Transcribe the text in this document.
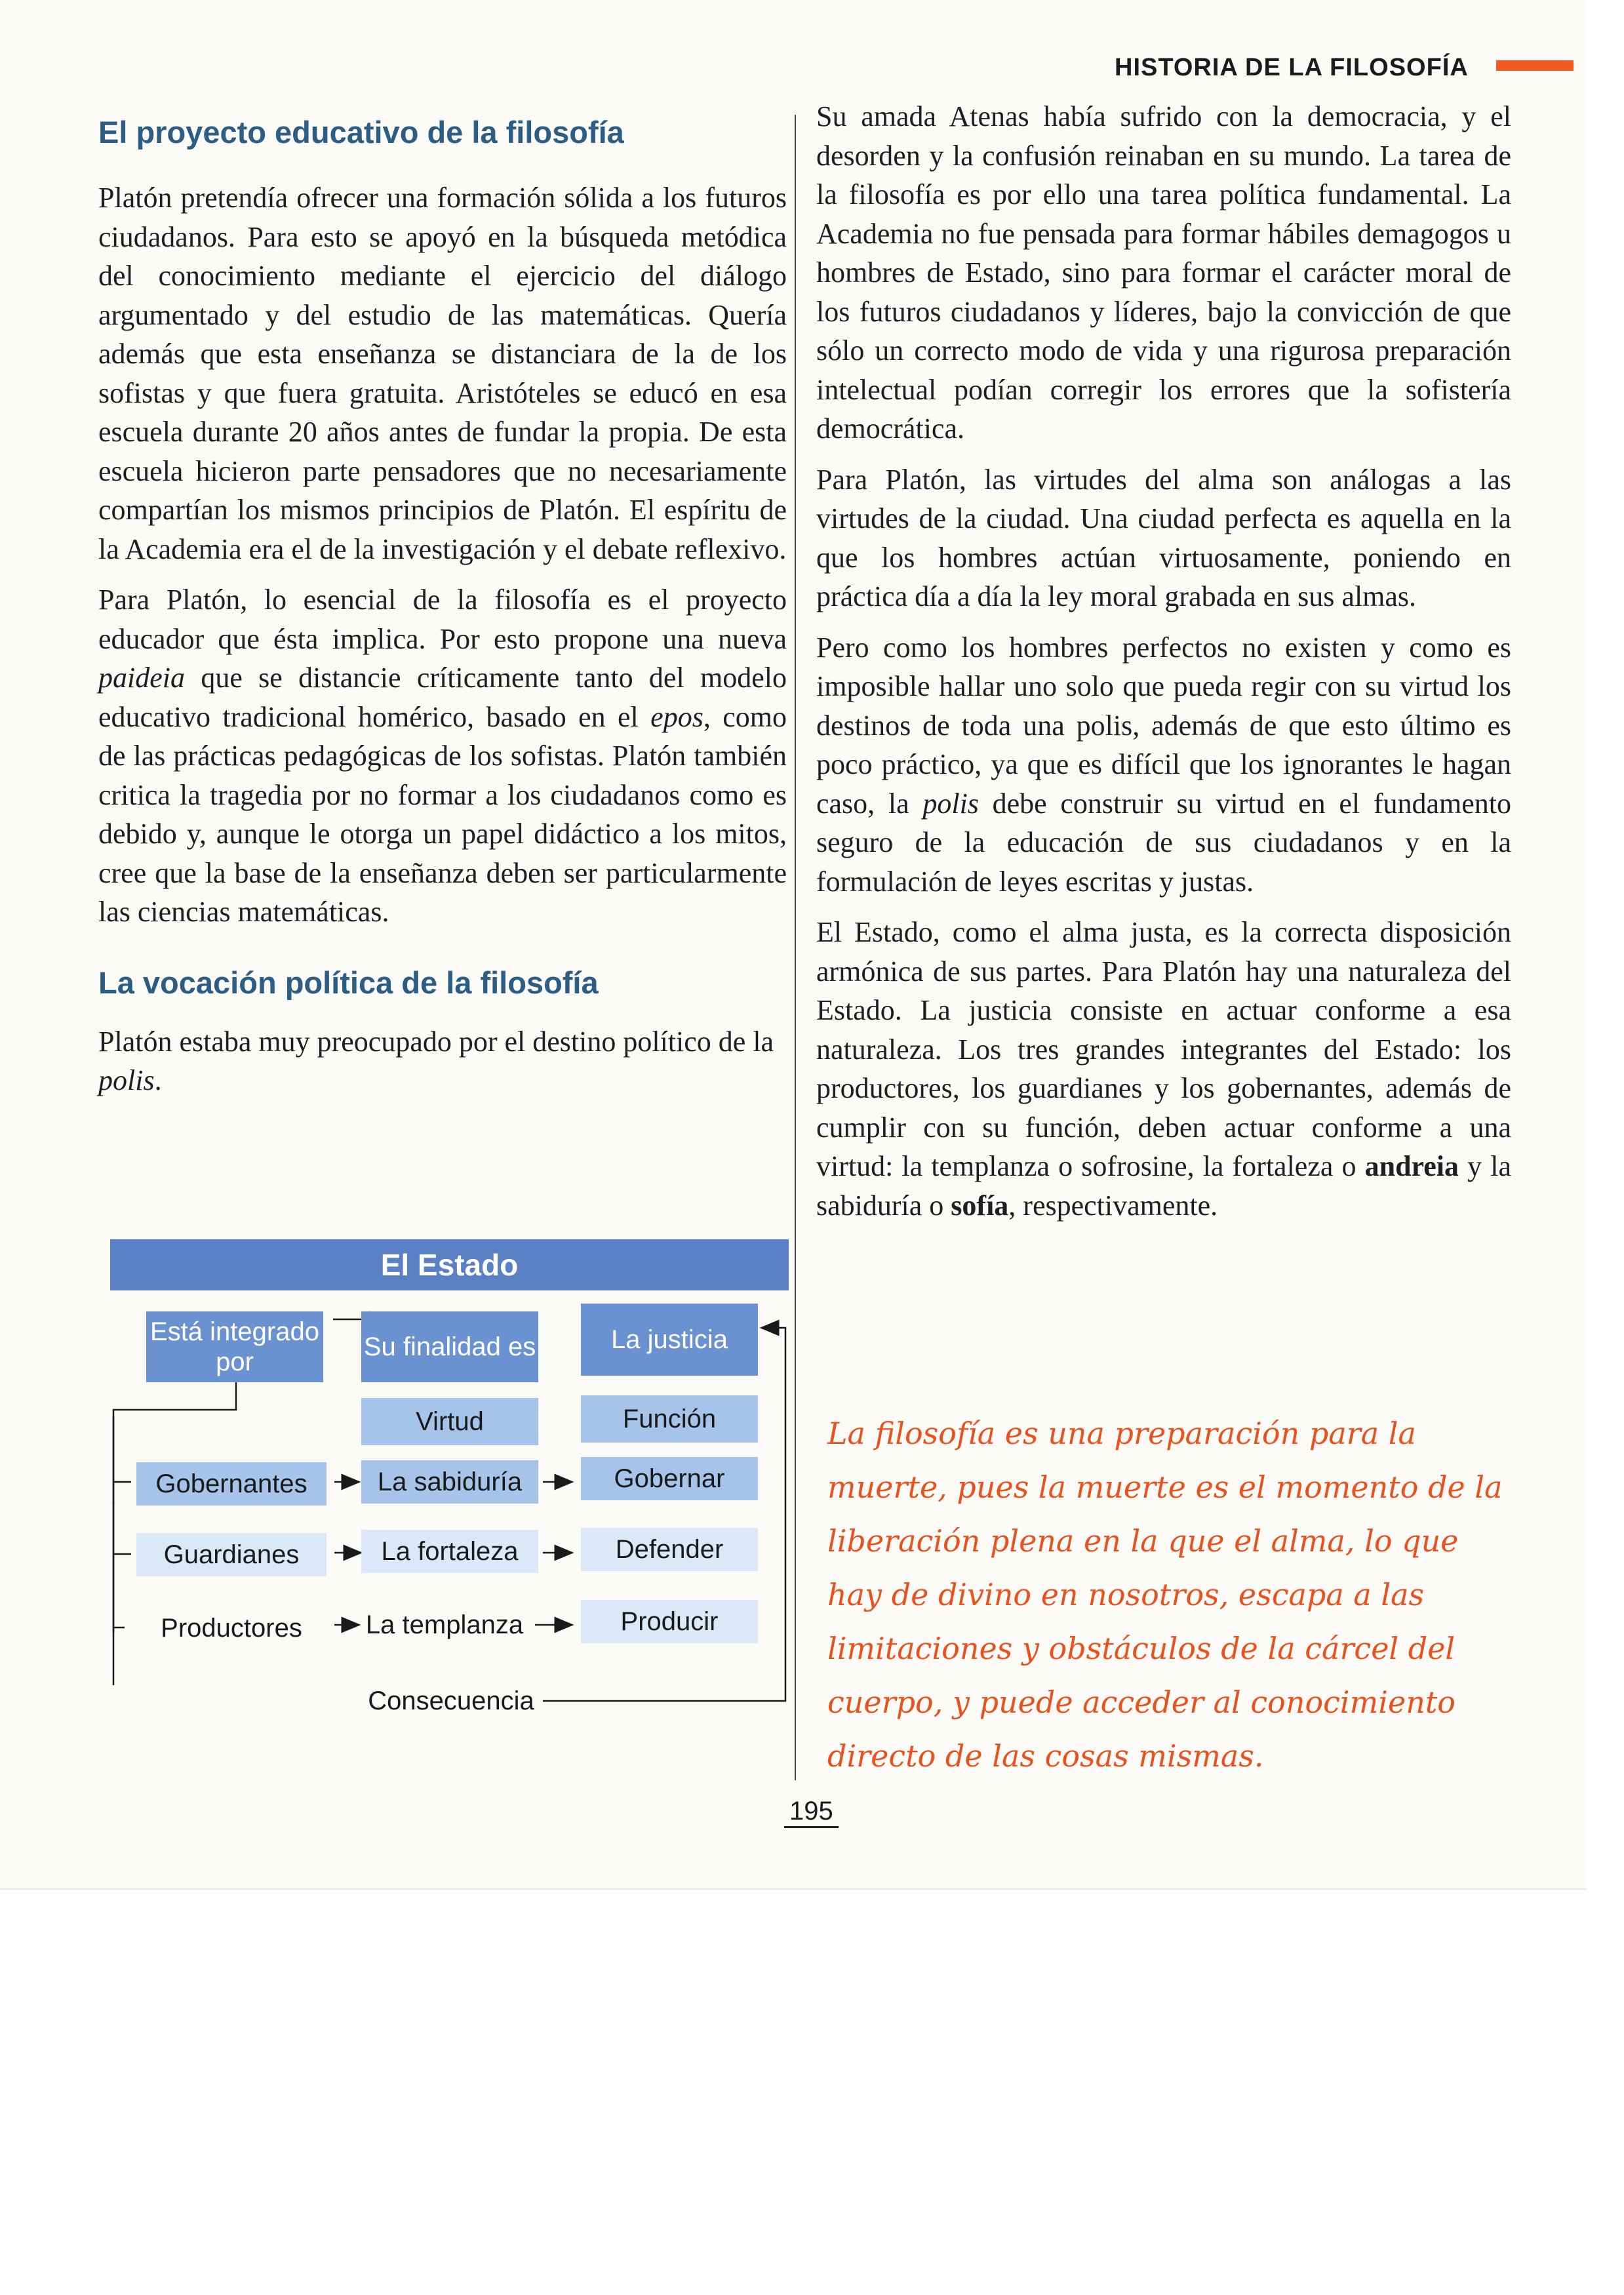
HISTORIA DE LA FILOSOFÍA
El proyecto educativo de la filosofía

Platón pretendía ofrecer una formación sólida a los futuros ciudadanos. Para esto se apoyó en la búsqueda metódica del conocimiento mediante el ejercicio del diálogo argumentado y del estudio de las matemáticas. Quería además que esta enseñanza se distanciara de la de los sofistas y que fuera gratuita. Aristóteles se educó en esa escuela durante 20 años antes de fundar la propia. De esta escuela hicieron parte pensadores que no necesariamente compartían los mismos principios de Platón. El espíritu de la Academia era el de la investigación y el debate reflexivo.

Para Platón, lo esencial de la filosofía es el proyecto educador que ésta implica. Por esto propone una nueva paideia que se distancie críticamente tanto del modelo educativo tradicional homérico, basado en el epos, como de las prácticas pedagógicas de los sofistas. Platón también critica la tragedia por no formar a los ciudadanos como es debido y, aunque le otorga un papel didáctico a los mitos, cree que la base de la enseñanza deben ser particularmente las ciencias matemáticas.

La vocación política de la filosofía

Platón estaba muy preocupado por el destino político de la polis.

El Estado
Está integrado por
Su finalidad es	La justicia
Virtud	Función
Gobernantes	La sabiduría	Gobernar
Guardianes	La fortaleza	Defender
Productores La templanza	Producir
Consecuencia

Su amada Atenas había sufrido con la democracia, y el desorden y la confusión reinaban en su mundo. La tarea de la filosofía es por ello una tarea política fundamental. La Academia no fue pensada para formar hábiles demagogos u hombres de Estado, sino para formar el carácter moral de los futuros ciudadanos y líderes, bajo la convicción de que sólo un correcto modo de vida y una rigurosa preparación intelectual podían corregir los errores que la sofistería democrática.

Para Platón, las virtudes del alma son análogas a las virtudes de la ciudad. Una ciudad perfecta es aquella en la que los hombres actúan virtuosamente, poniendo en práctica día a día la ley moral grabada en sus almas.

Pero como los hombres perfectos no existen y como es imposible hallar uno solo que pueda regir con su virtud los destinos de toda una polis, además de que esto último es poco práctico, ya que es difícil que los ignorantes le hagan caso, la polis debe construir su virtud en el fundamento seguro de la educación de sus ciudadanos y en la formulación de leyes escritas y justas.

El Estado, como el alma justa, es la correcta disposición armónica de sus partes. Para Platón hay una naturaleza del Estado. La justicia consiste en actuar conforme a esa naturaleza. Los tres grandes integrantes del Estado: los productores, los guardianes y los gobernantes, además de cumplir con su función, deben actuar conforme a una virtud: la templanza o sofrosine, la fortaleza o andreia y la sabiduría o sofía, respectivamente.

La filosofía es una preparación para la muerte, pues la muerte es el momento de la liberación plena en la que el alma, lo que hay de divino en nosotros, escapa a las limitaciones y obstáculos de la cárcel del cuerpo, y puede acceder al conocimiento directo de las cosas mismas.
195
